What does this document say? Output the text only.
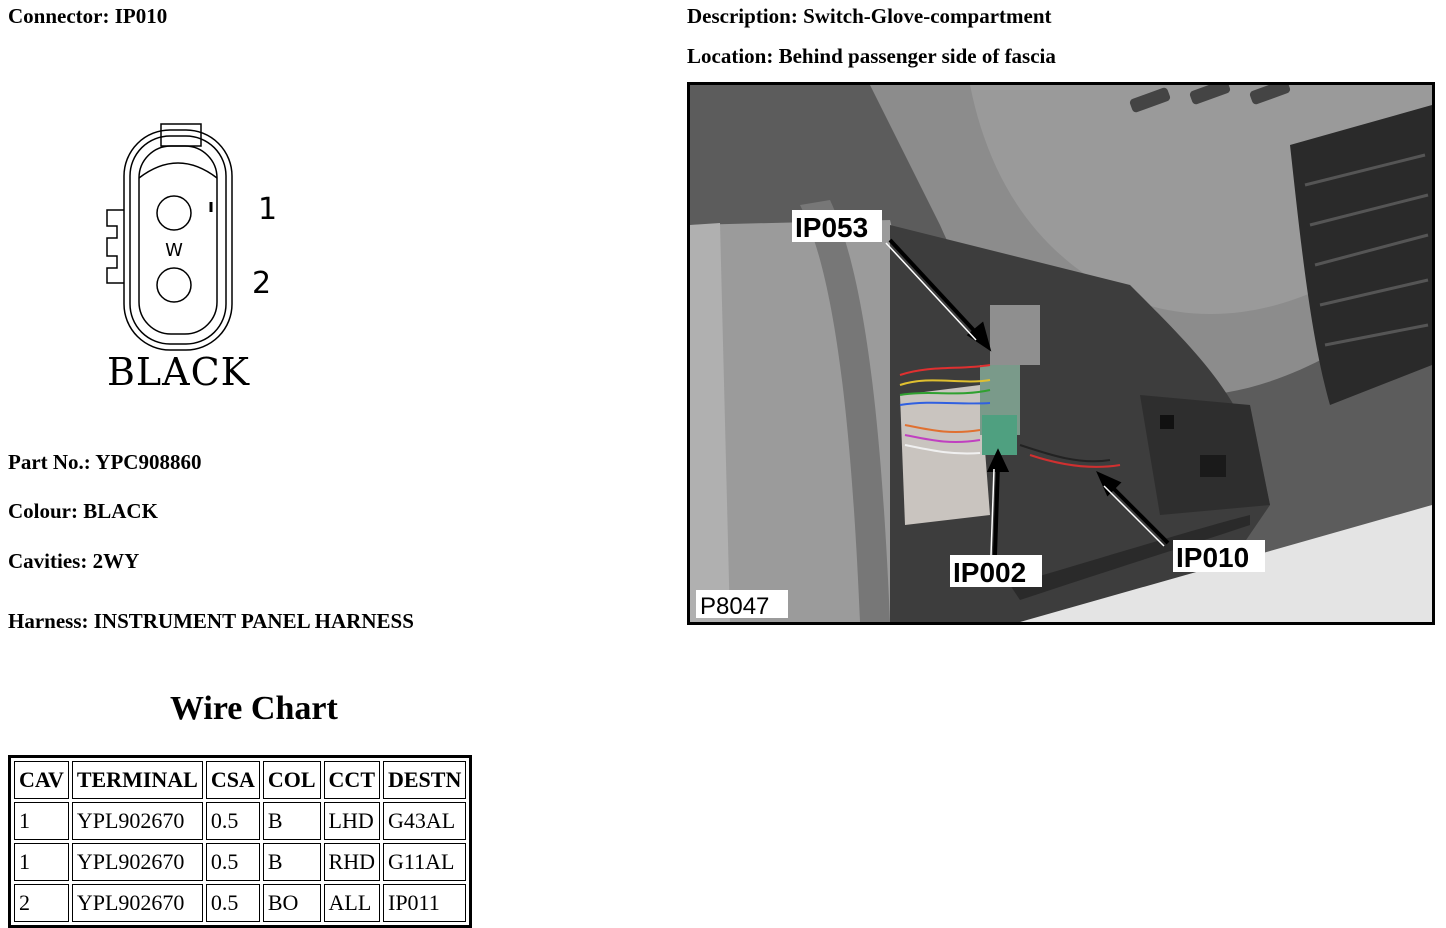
Connector: IP010	Description: Switch-Glove-compartment
Location: Behind passenger side of fascia
W
1
2
BLACK
Part No.: YPC908860
Colour: BLACK
Cavities: 2WY
Harness: INSTRUMENT PANEL HARNESS
Wire Chart
CAV	TERMINAL	CSA	COL	CCT	DESTN
1	YPL902670	0.5	B	LHD	G43AL
1	YPL902670	0.5	B	RHD	G11AL
2	YPL902670	0.5	BO	ALL	IP011
IP053
IP002	IP010
P8047
